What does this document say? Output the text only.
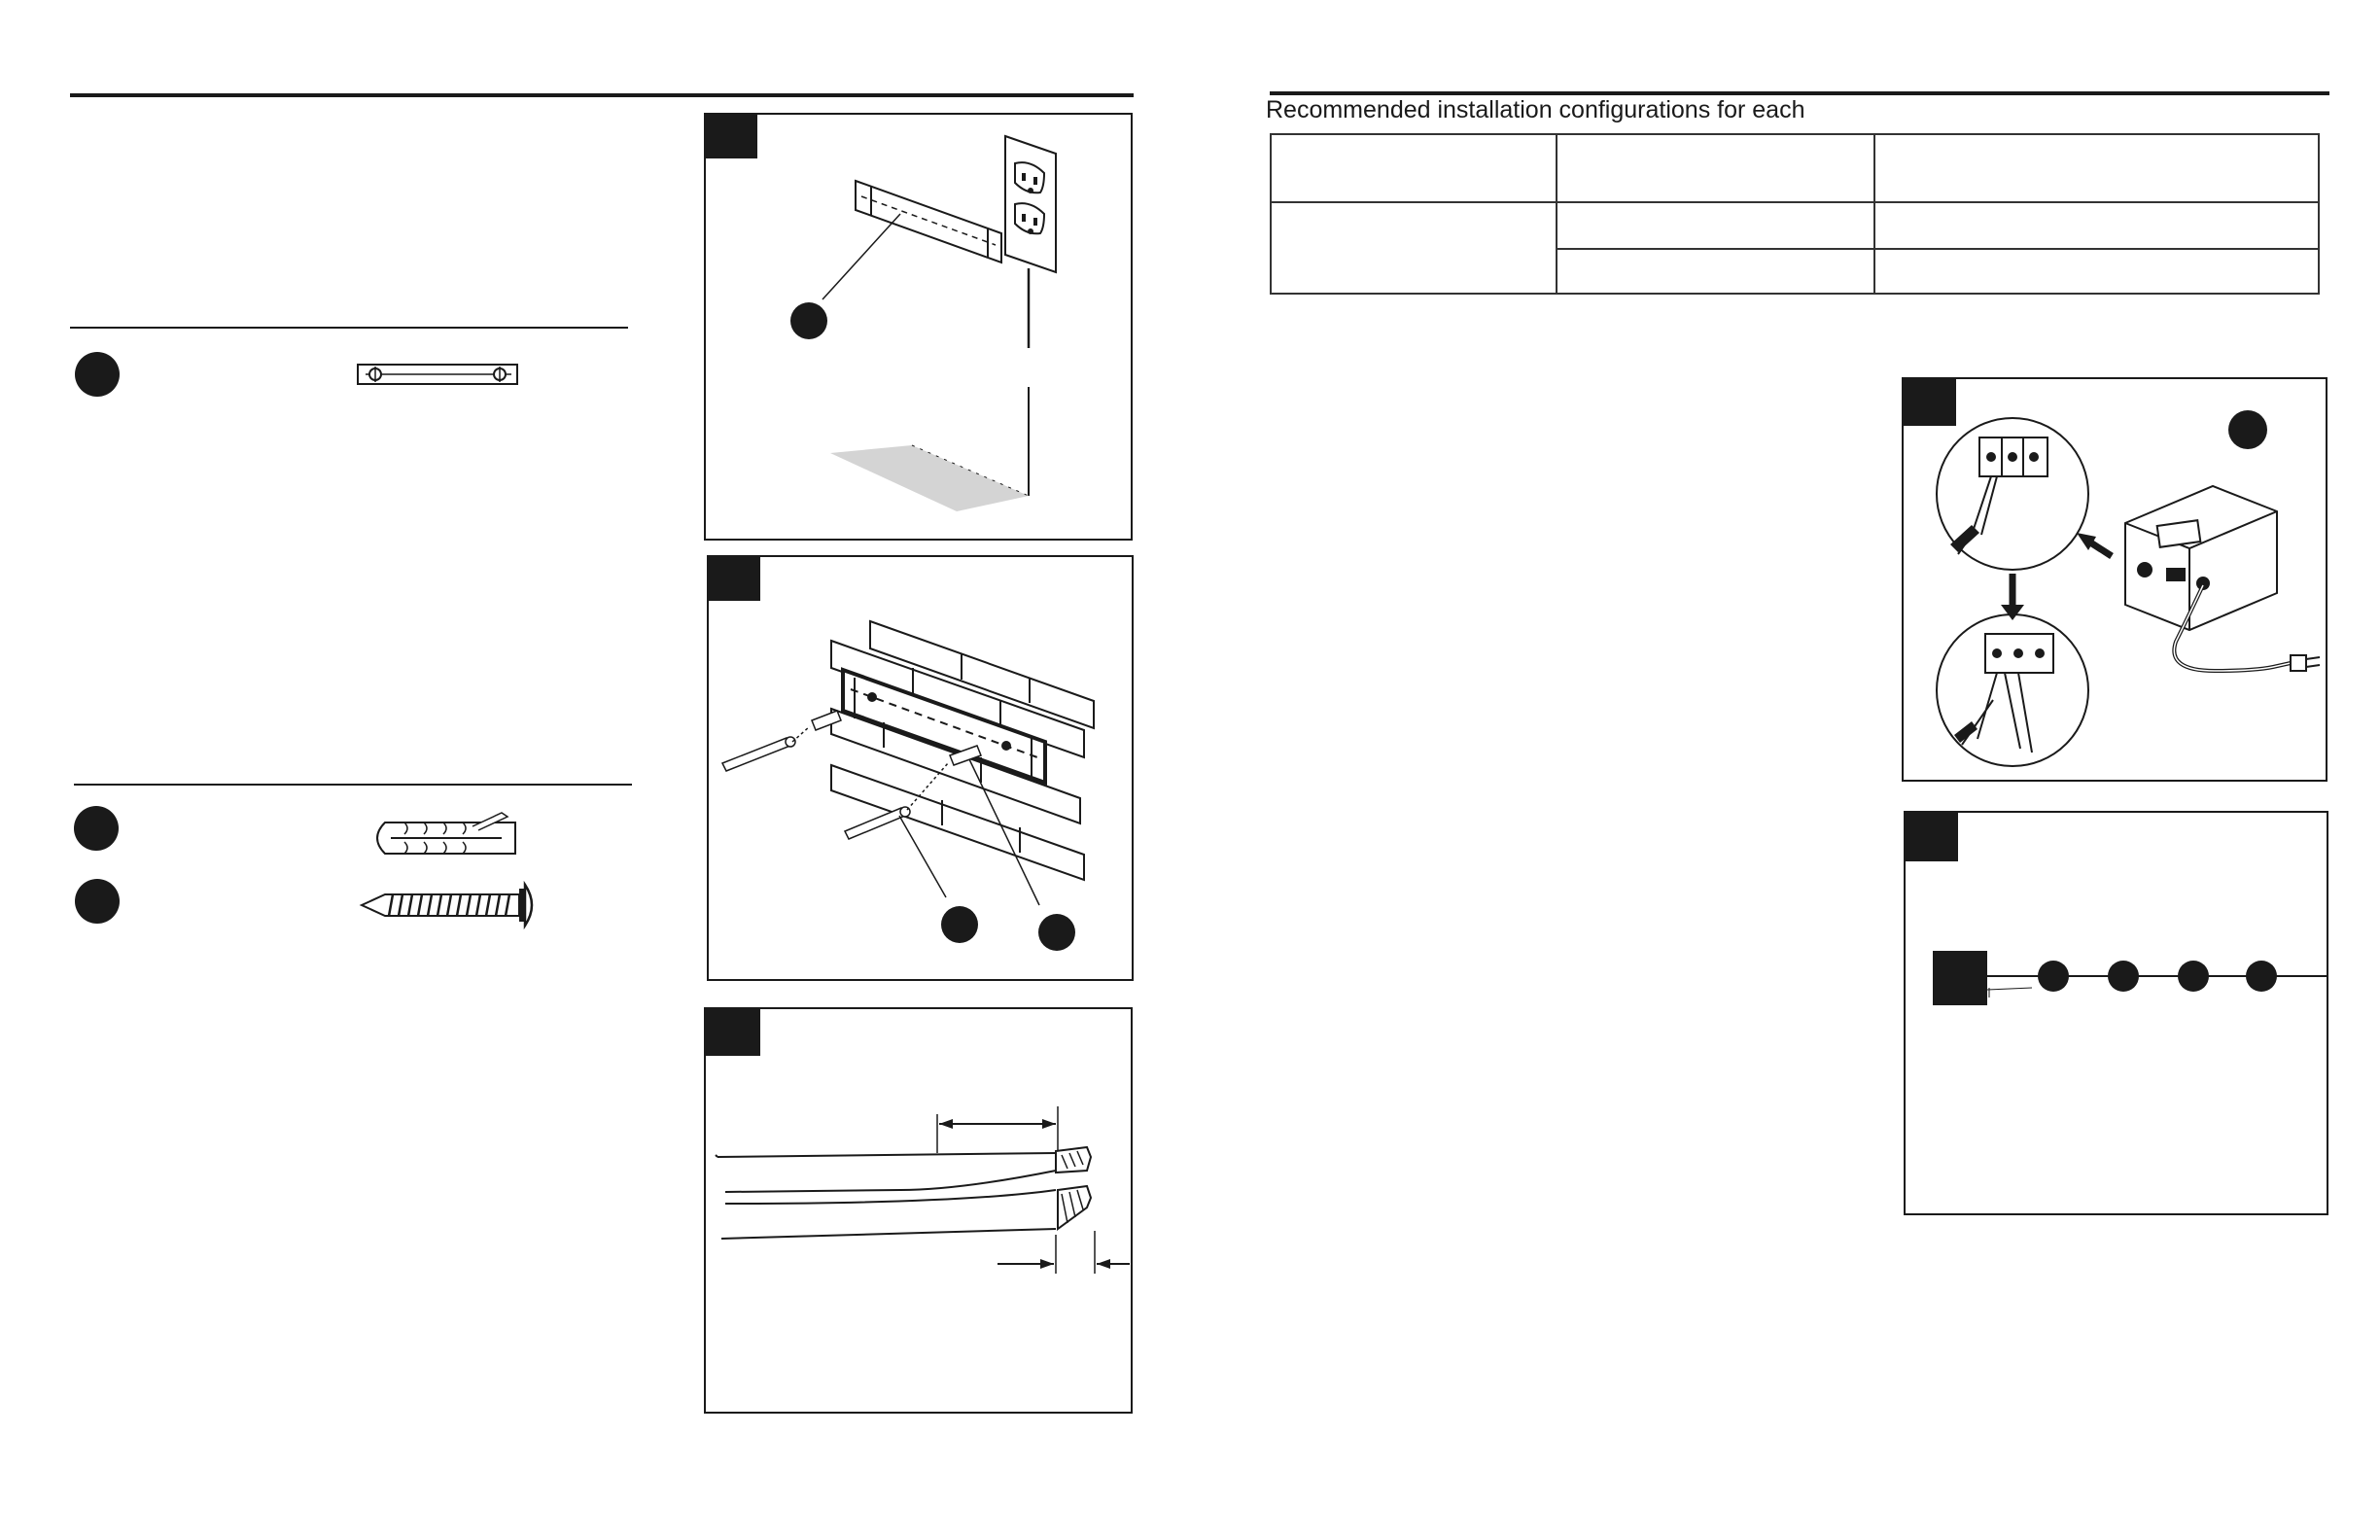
Recommended installation configurations for each
